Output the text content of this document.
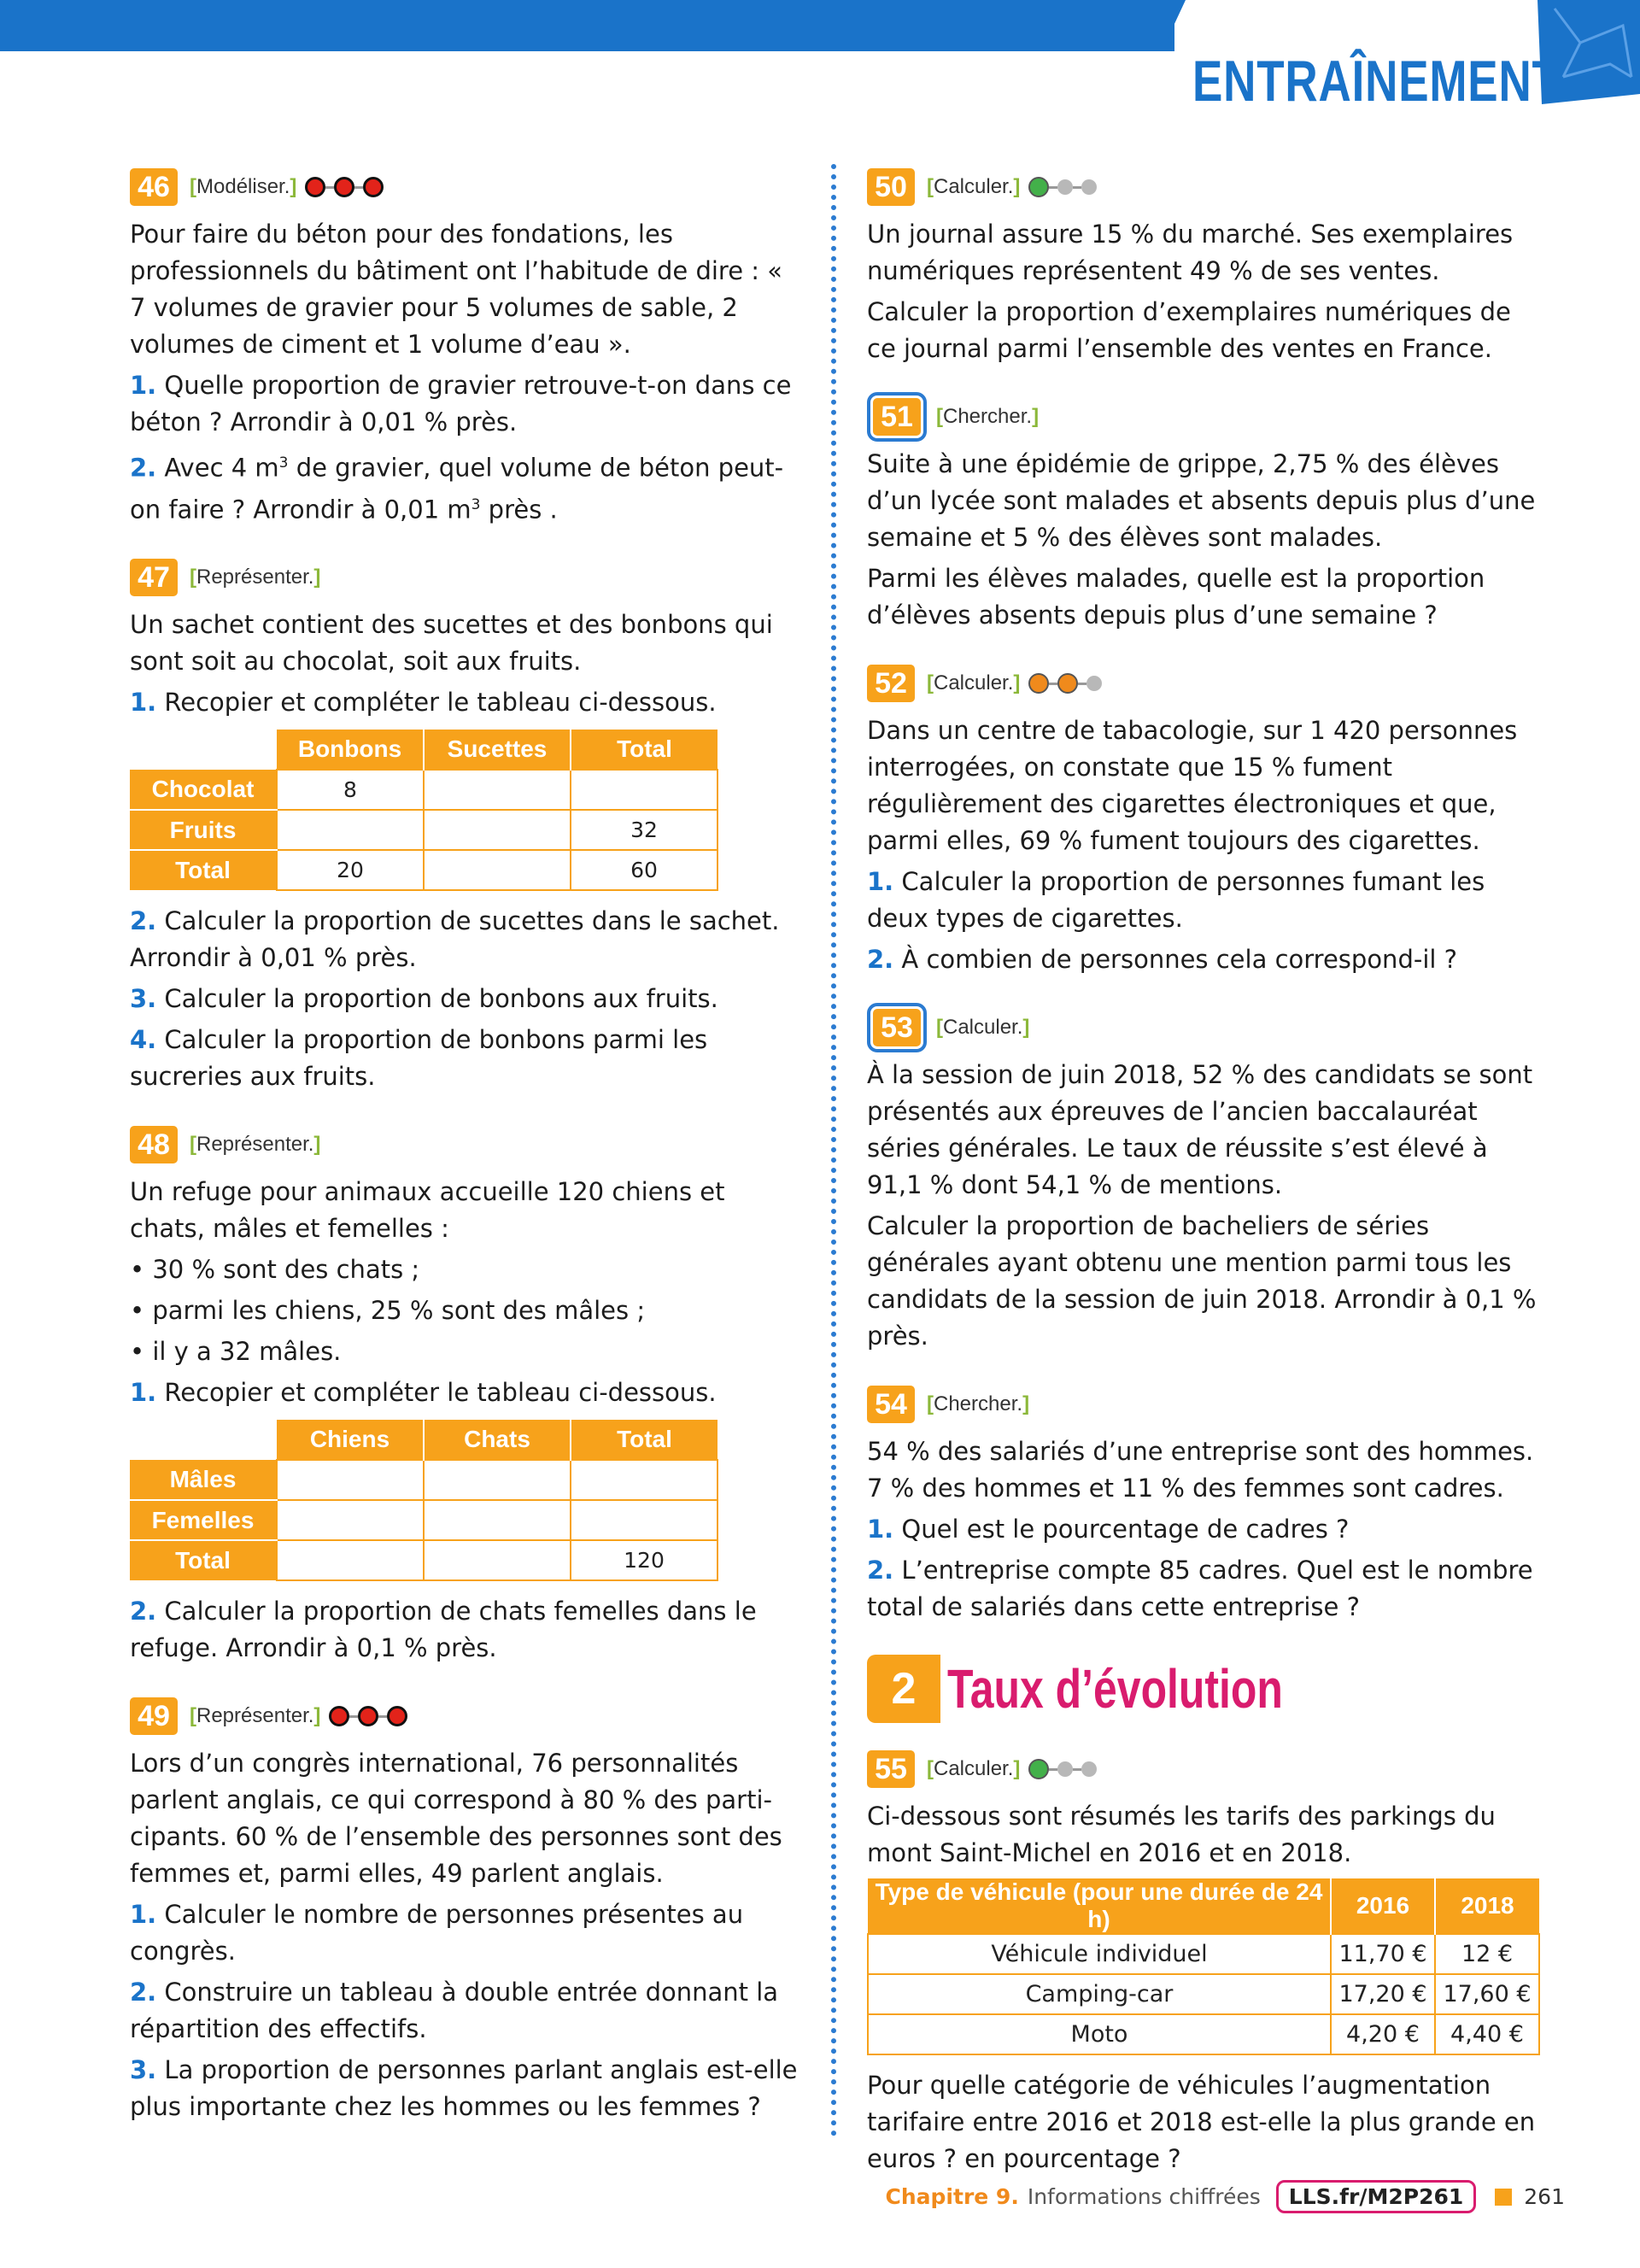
ENTRAÎNEMENT
46 [Modéliser.]

Pour faire du béton pour des fondations, les professionnels du bâtiment ont l’habitude de dire : « 7 volumes de gravier pour 5 volumes de sable, 2 volumes de ciment et 1 volume d’eau ».

1. Quelle proportion de gravier retrouve-t-on dans ce béton ? Arrondir à 0,01 % près.

2. Avec 4 $m^3$ de gravier, quel volume de béton peut-on faire ? Arrondir à 0,01 $m^3$ près .

47 [Représenter.]

Un sachet contient des sucettes et des bonbons qui sont soit au chocolat, soit aux fruits.

1. Recopier et compléter le tableau ci-dessous.

	Bonbons	Sucettes	Total
Chocolat	8		
Fruits			32
Total	20		60

2. Calculer la proportion de sucettes dans le sachet. Arrondir à 0,01 % près.

3. Calculer la proportion de bonbons aux fruits.

4. Calculer la proportion de bonbons parmi les sucreries aux fruits.

48 [Représenter.]

Un refuge pour animaux accueille 120 chiens et chats, mâles et femelles :

• 30 % sont des chats ;

• parmi les chiens, 25 % sont des mâles ;

• il y a 32 mâles.

1. Recopier et compléter le tableau ci-dessous.

	Chiens	Chats	Total
Mâles			
Femelles			
Total			120

2. Calculer la proportion de chats femelles dans le refuge. Arrondir à 0,1 % près.

49 [Représenter.]

Lors d’un congrès international, 76 personnalités parlent anglais, ce qui correspond à 80 % des parti-cipants. 60 % de l’ensemble des personnes sont des femmes et, parmi elles, 49 parlent anglais.

1. Calculer le nombre de personnes présentes au congrès.

2. Construire un tableau à double entrée donnant la répartition des effectifs.

3. La proportion de personnes parlant anglais est-elle plus importante chez les hommes ou les femmes ?

50 [Calculer.]

Un journal assure 15 % du marché. Ses exemplaires numériques représentent 49 % de ses ventes.

Calculer la proportion d’exemplaires numériques de ce journal parmi l’ensemble des ventes en France.

51	[Chercher.]

Suite à une épidémie de grippe, 2,75 % des élèves d’un lycée sont malades et absents depuis plus d’une semaine et 5 % des élèves sont malades.

Parmi les élèves malades, quelle est la proportion d’élèves absents depuis plus d’une semaine ?

52 [Calculer.]

Dans un centre de tabacologie, sur 1 420 personnes interrogées, on constate que 15 % fument régulièrement des cigarettes électroniques et que, parmi elles, 69 % fument toujours des cigarettes.

1. Calculer la proportion de personnes fumant les deux types de cigarettes.

2. À combien de personnes cela correspond-il ?

53	[Calculer.]

À la session de juin 2018, 52 % des candidats se sont présentés aux épreuves de l’ancien baccalauréat séries générales. Le taux de réussite s’est élevé à 91,1 % dont 54,1 % de mentions.

Calculer la proportion de bacheliers de séries générales ayant obtenu une mention parmi tous les candidats de la session de juin 2018. Arrondir à 0,1 % près.

54 [Chercher.]

54 % des salariés d’une entreprise sont des hommes. 7 % des hommes et 11 % des femmes sont cadres.

1. Quel est le pourcentage de cadres ?

2. L’entreprise compte 85 cadres. Quel est le nombre total de salariés dans cette entreprise ?

2 Taux d’évolution
55 [Calculer.]

Ci-dessous sont résumés les tarifs des parkings du mont Saint-Michel en 2016 et en 2018.

Type de véhicule (pour une durée de 24 h)	2016	2018
Véhicule individuel	11,70 €	12 €
Camping-car	17,20 €	17,60 €
Moto	4,20 €	4,40 €

Pour quelle catégorie de véhicules l’augmentation tarifaire entre 2016 et 2018 est-elle la plus grande en euros ? en pourcentage ?

Chapitre 9. Informations chiffrées	LLS.fr/M2P261	261
